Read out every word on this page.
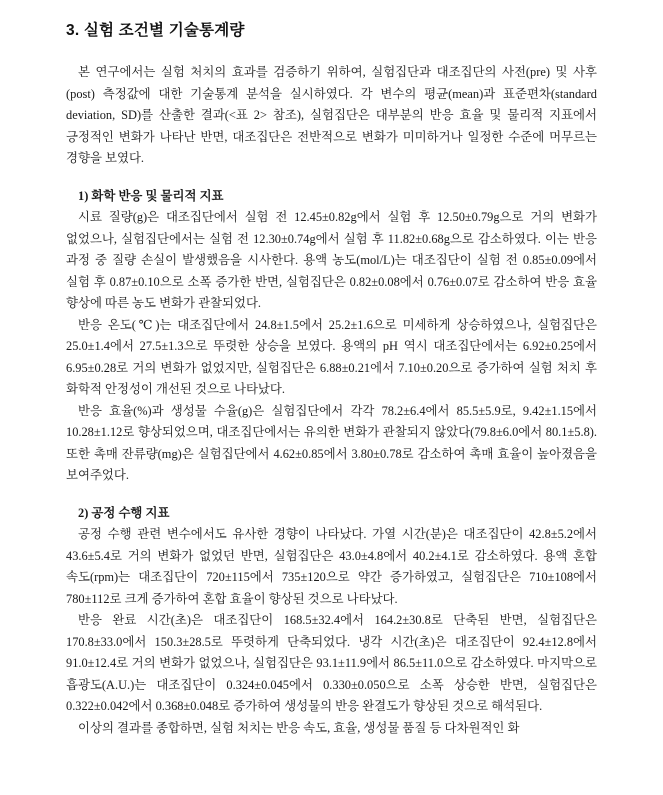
3. 실험 조건별 기술통계량

본 연구에서는 실험 처치의 효과를 검증하기 위하여, 실험집단과 대조집단의 사전(pre) 및 사후(post) 측정값에 대한 기술통계 분석을 실시하였다. 각 변수의 평균(mean)과 표준편차(standard deviation, SD)를 산출한 결과(<표 2> 참조), 실험집단은 대부분의 반응 효율 및 물리적 지표에서 긍정적인 변화가 나타난 반면, 대조집단은 전반적으로 변화가 미미하거나 일정한 수준에 머무르는 경향을 보였다.

1) 화학 반응 및 물리적 지표

시료 질량(g)은 대조집단에서 실험 전 12.45±0.82g에서 실험 후 12.50±0.79g으로 거의 변화가 없었으나, 실험집단에서는 실험 전 12.30±0.74g에서 실험 후 11.82±0.68g으로 감소하였다. 이는 반응 과정 중 질량 손실이 발생했음을 시사한다. 용액 농도(mol/L)는 대조집단이 실험 전 0.85±0.09에서 실험 후 0.87±0.10으로 소폭 증가한 반면, 실험집단은 0.82±0.08에서 0.76±0.07로 감소하여 반응 효율 향상에 따른 농도 변화가 관찰되었다.

반응 온도(℃)는 대조집단에서 24.8±1.5에서 25.2±1.6으로 미세하게 상승하였으나, 실험집단은 25.0±1.4에서 27.5±1.3으로 뚜렷한 상승을 보였다. 용액의 pH 역시 대조집단에서는 6.92±0.25에서 6.95±0.28로 거의 변화가 없었지만, 실험집단은 6.88±0.21에서 7.10±0.20으로 증가하여 실험 처치 후 화학적 안정성이 개선된 것으로 나타났다.

반응 효율(%)과 생성물 수율(g)은 실험집단에서 각각 78.2±6.4에서 85.5±5.9로, 9.42±1.15에서 10.28±1.12로 향상되었으며, 대조집단에서는 유의한 변화가 관찰되지 않았다(79.8±6.0에서 80.1±5.8). 또한 촉매 잔류량(mg)은 실험집단에서 4.62±0.85에서 3.80±0.78로 감소하여 촉매 효율이 높아졌음을 보여주었다.

2) 공정 수행 지표

공정 수행 관련 변수에서도 유사한 경향이 나타났다. 가열 시간(분)은 대조집단이 42.8±5.2에서 43.6±5.4로 거의 변화가 없었던 반면, 실험집단은 43.0±4.8에서 40.2±4.1로 감소하였다. 용액 혼합 속도(rpm)는 대조집단이 720±115에서 735±120으로 약간 증가하였고, 실험집단은 710±108에서 780±112로 크게 증가하여 혼합 효율이 향상된 것으로 나타났다.

반응 완료 시간(초)은 대조집단이 168.5±32.4에서 164.2±30.8로 단축된 반면, 실험집단은 170.8±33.0에서 150.3±28.5로 뚜렷하게 단축되었다. 냉각 시간(초)은 대조집단이 92.4±12.8에서 91.0±12.4로 거의 변화가 없었으나, 실험집단은 93.1±11.9에서 86.5±11.0으로 감소하였다. 마지막으로 흡광도(A.U.)는 대조집단이 0.324±0.045에서 0.330±0.050으로 소폭 상승한 반면, 실험집단은 0.322±0.042에서 0.368±0.048로 증가하여 생성물의 반응 완결도가 향상된 것으로 해석된다.

이상의 결과를 종합하면, 실험 처치는 반응 속도, 효율, 생성물 품질 등 다차원적인 화
